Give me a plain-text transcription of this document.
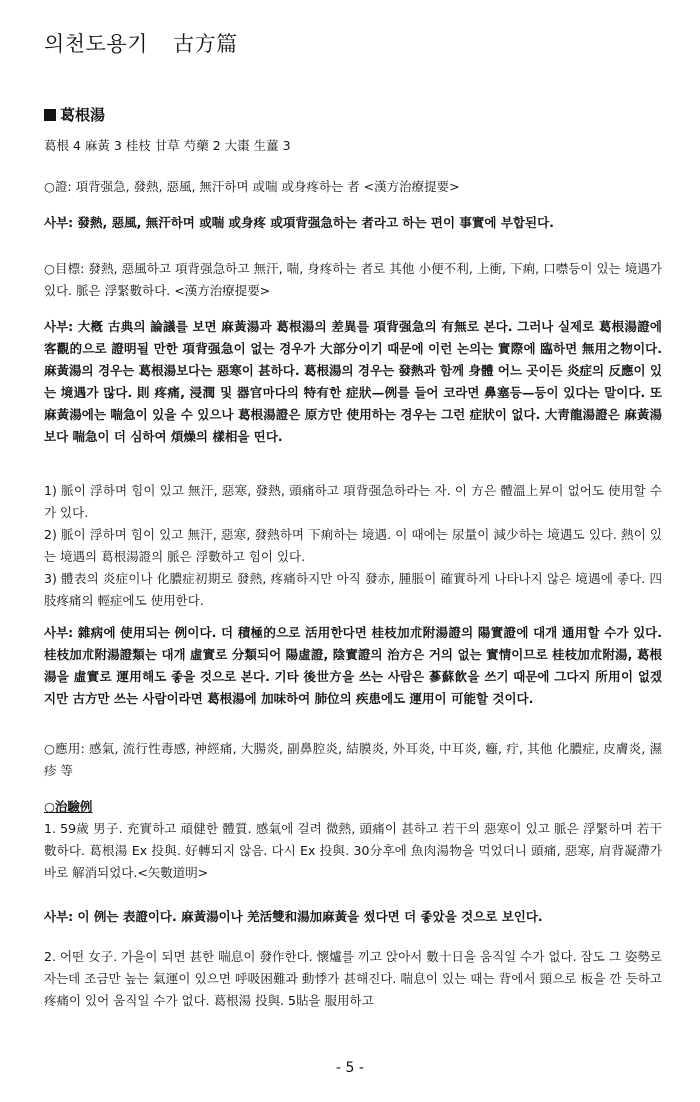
의천도용기 古方篇
葛根湯
葛根 4 麻黃 3 桂枝 甘草 芍藥 2 大棗 生薑 3

○證: 項背强急, 發熱, 惡風, 無汗하며 或喘 或身疼하는 者 <漢方治療提要>

사부: 發熱, 惡風, 無汗하며 或喘 或身疼 或項背强急하는 者라고 하는 편이 事實에 부합된다.

○目標: 發熱, 惡風하고 項背强急하고 無汗, 喘, 身疼하는 者로 其他 小便不利, 上衝, 下痢, 口噤등이 있는 境遇가 있다. 脈은 浮緊數하다. <漢方治療提要>

사부: 大槪 古典의 論議를 보면 麻黃湯과 葛根湯의 差異를 項背强急의 有無로 본다. 그러나 실제로 葛根湯證에 客觀的으로 證明될 만한 項背强急이 없는 경우가 大部分이기 때문에 이런 논의는 實際에 臨하면 無用之物이다. 麻黃湯의 경우는 葛根湯보다는 惡寒이 甚하다. 葛根湯의 경우는 發熱과 함께 身體 어느 곳이든 炎症의 反應이 있는 境遇가 많다. 則 疼痛, 浸潤 및 器官마다의 特有한 症狀—例를 들어 코라면 鼻塞등—등이 있다는 말이다. 또 麻黃湯에는 喘急이 있을 수 있으나 葛根湯證은 原方만 使用하는 경우는 그런 症狀이 없다. 大靑龍湯證은 麻黃湯보다 喘急이 더 심하여 煩燥의 樣相을 띤다.

1) 脈이 浮하며 힘이 있고 無汗, 惡寒, 發熱, 頭痛하고 項背强急하라는 자. 이 方은 體溫上昇이 없어도 使用할 수가 있다.

2) 脈이 浮하며 힘이 있고 無汗, 惡寒, 發熱하며 下痢하는 境遇. 이 때에는 尿量이 減少하는 境遇도 있다. 熱이 있는 境遇의 葛根湯證의 脈은 浮數하고 힘이 있다.

3) 體表의 炎症이나 化膿症初期로 發熱, 疼痛하지만 아직 發赤, 腫脹이 確實하게 나타나지 않은 境遇에 좋다. 四肢疼痛의 輕症에도 使用한다.

사부: 雜病에 使用되는 例이다. 더 積極的으로 活用한다면 桂枝加朮附湯證의 陽實證에 대개 通用할 수가 있다. 桂枝加朮附湯證類는 대개 虛實로 分類되어 陽虛證, 陰實證의 治方은 거의 없는 實情이므로 桂枝加朮附湯, 葛根湯을 虛實로 運用해도 좋을 것으로 본다. 기타 後世方을 쓰는 사람은 蔘蘇飮을 쓰기 때문에 그다지 所用이 없겠지만 古方만 쓰는 사람이라면 葛根湯에 加味하여 肺位의 疾患에도 運用이 可能할 것이다.

○應用: 感氣, 流行性毒感, 神經痛, 大腸炎, 副鼻腔炎, 結膜炎, 外耳炎, 中耳炎, 癰, 疔, 其他 化膿症, 皮膚炎, 濕疹 等

○治驗例

1. 59歲 男子. 充實하고 頑健한 體質. 感氣에 걸려 微熱, 頭痛이 甚하고 若干의 惡寒이 있고 脈은 浮緊하며 若干 數하다. 葛根湯 Ex 投與. 好轉되지 않음. 다시 Ex 投與. 30分후에 魚肉湯物을 먹었더니 頭痛, 惡寒, 肩背凝滯가 바로 解消되었다.<矢數道明>

사부: 이 例는 表證이다. 麻黃湯이나 羌活雙和湯加麻黃을 썼다면 더 좋았을 것으로 보인다.

2. 어떤 女子. 가을이 되면 甚한 喘息이 發作한다. 懷爐를 끼고 앉아서 數十日을 움직일 수가 없다. 잠도 그 姿勢로 자는데 조금만 높는 氣運이 있으면 呼吸困難과 動悸가 甚해진다. 喘息이 있는 때는 背에서 頸으로 板을 깐 듯하고 疼痛이 있어 움직일 수가 없다. 葛根湯 投與. 5貼을 服用하고

- 5 -
